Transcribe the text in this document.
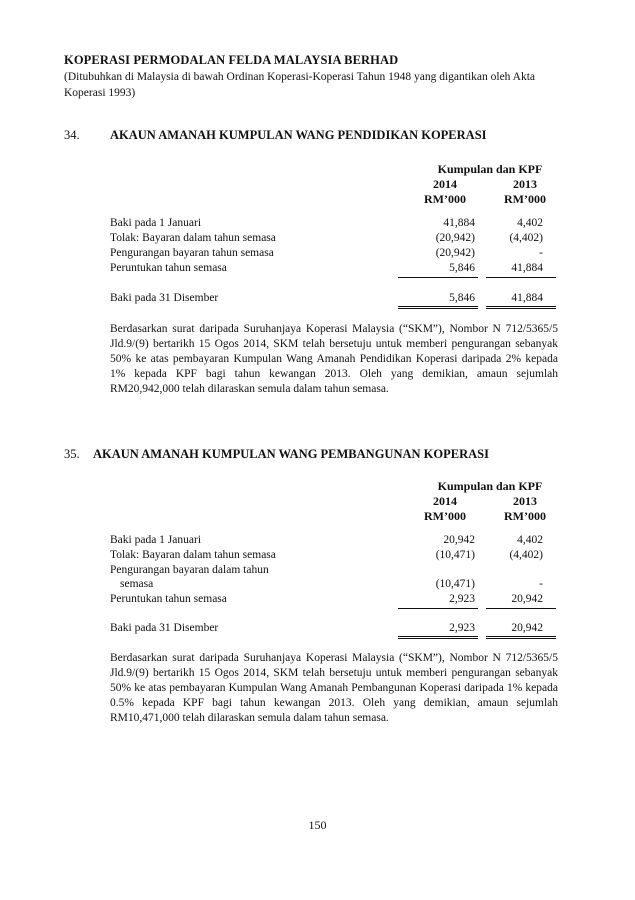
KOPERASI PERMODALAN FELDA MALAYSIA BERHAD
(Ditubuhkan di Malaysia di bawah Ordinan Koperasi-Koperasi Tahun 1948 yang digantikan oleh Akta Koperasi 1993)
34. AKAUN AMANAH KUMPULAN WANG PENDIDIKAN KOPERASI
Kumpulan dan KPF
2014	2013
RM’000	RM’000
Baki pada 1 Januari	41,884	4,402
Tolak: Bayaran dalam tahun semasa	(20,942)	(4,402)
Pengurangan bayaran tahun semasa	(20,942)	-
Peruntukan tahun semasa	5,846	41,884
Baki pada 31 Disember	5,846	41,884
Berdasarkan surat daripada Suruhanjaya Koperasi Malaysia (“SKM”), Nombor N 712/5365/5 Jld.9/(9) bertarikh 15 Ogos 2014, SKM telah bersetuju untuk memberi pengurangan sebanyak 50% ke atas pembayaran Kumpulan Wang Amanah Pendidikan Koperasi daripada 2% kepada 1% kepada KPF bagi tahun kewangan 2013. Oleh yang demikian, amaun sejumlah RM20,942,000 telah dilaraskan semula dalam tahun semasa.
35. AKAUN AMANAH KUMPULAN WANG PEMBANGUNAN KOPERASI
Kumpulan dan KPF
2014	2013
RM’000	RM’000
Baki pada 1 Januari	20,942	4,402
Tolak: Bayaran dalam tahun semasa	(10,471)	(4,402)
Pengurangan bayaran dalam tahun
semasa	(10,471)	-
Peruntukan tahun semasa	2,923	20,942
Baki pada 31 Disember	2,923	20,942
Berdasarkan surat daripada Suruhanjaya Koperasi Malaysia (“SKM”), Nombor N 712/5365/5 Jld.9/(9) bertarikh 15 Ogos 2014, SKM telah bersetuju untuk memberi pengurangan sebanyak 50% ke atas pembayaran Kumpulan Wang Amanah Pembangunan Koperasi daripada 1% kepada 0.5% kepada KPF bagi tahun kewangan 2013. Oleh yang demikian, amaun sejumlah RM10,471,000 telah dilaraskan semula dalam tahun semasa.
150
